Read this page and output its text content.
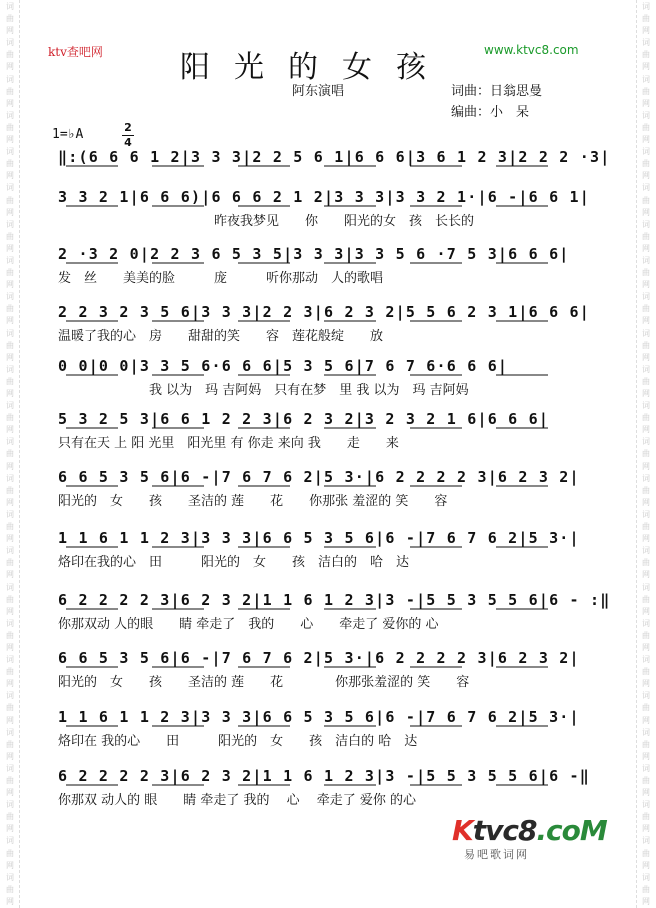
词
曲
网
词
曲
网
词
曲
网
词
曲
网
词
曲
网
词
曲
网
词
曲
网
词
曲
网
词
曲
网
词
曲
网
词
曲
网
词
曲
网
词
曲
网
词
曲
网
词
曲
网
词
曲
网
词
曲
网
词
曲
网
词
曲
网
词
曲
网
词
曲
网
词
曲
网
词
曲
网
词
曲
网
词
曲
网
词
曲
网
词
曲
网
词
曲
网
词
曲
网
词
曲
网
词
曲
网
词
曲
网
词
曲
网
词
曲
网
词
曲
网
词
曲
网
词
曲
网
词
曲
网
词
曲
网
词
曲
网
词
曲
网
词
曲
网
词
曲
网
词
曲
网
词
曲
网
词
曲
网
词
曲
网
词
曲
网
词
曲
网
词
曲
网
ktv查吧网	www.ktvc8.com
阳光的女孩
阿东演唱	词曲：日翁思曼
编曲：小　呆
1=♭A	2
4
‖:(6 6 6 1 2|3 3 3|2 2 5 6 1|6 6 6|3 6 1 2 3|2 2 2 ·3|
3 3 2 1|6 6 6)|6 6 6 2 1 2|3 3 3|3 3 2 1·|6 -|6 6 1|
　　　　　　　　　　　　昨夜我梦见　　你　　阳光的女　孩　长长的
2 ·3 2 0|2 2 3 6 5 3 5|3 3 3|3 3 5 6 ·7 5 3|6 6 6|
发　丝　　美美的脸　　　庞　　　听你那动　人的歌唱
2 2 3 2 3 5 6|3 3 3|2 2 3|6 2 3 2|5 5 6 2 3 1|6 6 6|
温暖了我的心　房　　甜甜的笑　　容　莲花般绽　　放
0 0|0 0|3 3 5 6·6 6 6|5 3 5 6|7 6 7 6·6 6 6|
　　　　　　　我 以为　玛 吉阿妈　只有在梦　里 我 以为　玛 吉阿妈
5 3 2 5 3|6 6 1 2 2 3|6 2 3 2|3 2 3 2 1 6|6 6 6|
只有在天 上 阳 光里　阳光里 有 你走 来向 我　　走　　来
6 6 5 3 5 6|6 -|7 6 7 6 2|5 3·|6 2 2 2 2 3|6 2 3 2|
阳光的　女　　孩　　圣洁的 莲　　花　　你那张 羞涩的 笑　　容
1 1 6 1 1 2 3|3 3 3|6 6 5 3 5 6|6 -|7 6 7 6 2|5 3·|
烙印在我的心　田　　　阳光的　女　　孩　洁白的　哈　达
6 2 2 2 2 3|6 2 3 2|1 1 6 1 2 3|3 -|5 5 3 5 5 6|6 - :‖
你那双动 人的眼　　睛 牵走了　我的　　心　　牵走了 爱你的 心
6 6 5 3 5 6|6 -|7 6 7 6 2|5 3·|6 2 2 2 2 3|6 2 3 2|
阳光的　女　　孩　　圣洁的 莲　　花　　　　你那张羞涩的 笑　　容
1 1 6 1 1 2 3|3 3 3|6 6 5 3 5 6|6 -|7 6 7 6 2|5 3·|
烙印在 我的心　　田　　　阳光的　女　　孩　洁白的 哈　达
6 2 2 2 2 3|6 2 3 2|1 1 6 1 2 3|3 -|5 5 3 5 5 6|6 -‖
你那双 动人的 眼　　睛 牵走了 我的　 心　 牵走了 爱你 的心
Ktvc8.coM
易吧歌词网
